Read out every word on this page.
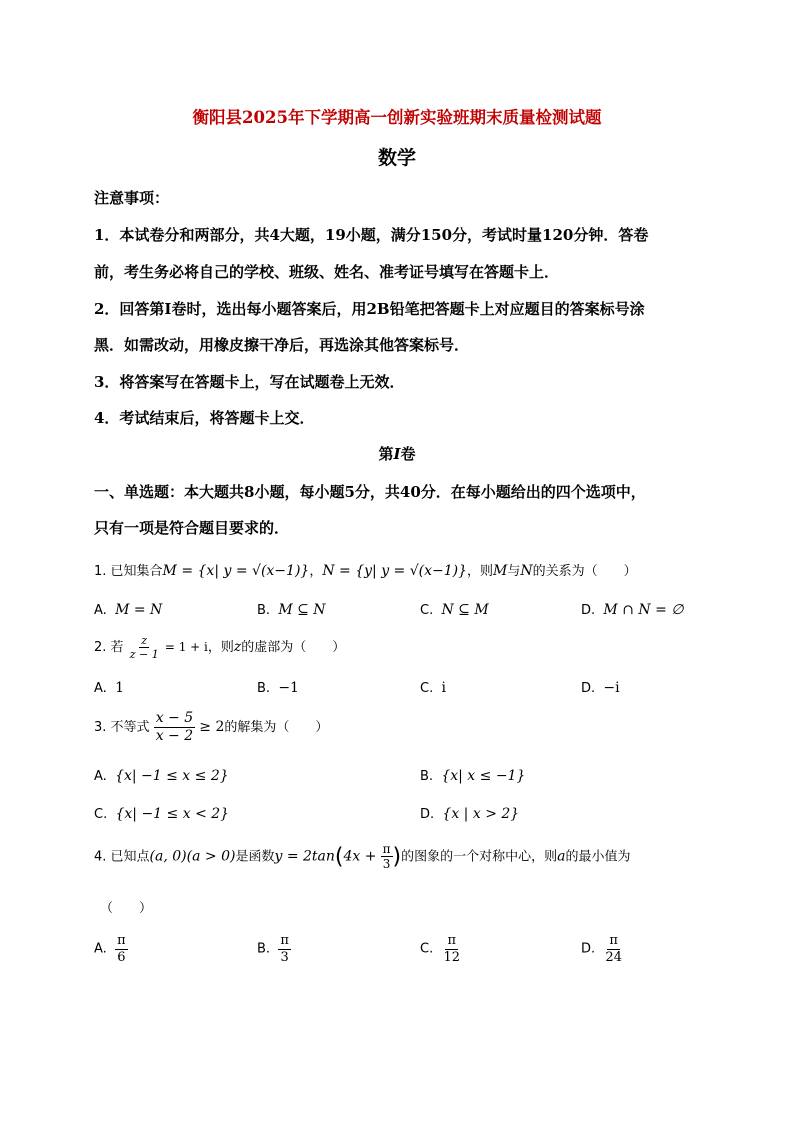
衡阳县2025年下学期高一创新实验班期末质量检测试题
数学
注意事项：
1．本试卷分和两部分，共4大题，19小题，满分150分，考试时量120分钟．答卷
前，考生务必将自己的学校、班级、姓名、准考证号填写在答题卡上．
2．回答第Ⅰ卷时，选出每小题答案后，用2B铅笔把答题卡上对应题目的答案标号涂
黑．如需改动，用橡皮擦干净后，再选涂其他答案标号．
3．将答案写在答题卡上，写在试题卷上无效．
4．考试结束后，将答题卡上交．
第I卷
一、单选题：本大题共8小题，每小题5分，共40分．在每小题给出的四个选项中，
只有一项是符合题目要求的．
1. 已知集合M = {x| y = √(x−1)}，N = {y| y = √(x−1)}，则M与N的关系为（　　）
A. M = N	B. M ⊆ N	C. N ⊆ M	D. M ∩ N = ∅
2. 若 $\frac{z}{z - 1} = 1 + i$，则z的虚部为（　　）
A. 1	B. −1	C. i	D. −i
3. 不等式 $\frac{x - 5}{x - 2} \ge 2$的解集为（　　）
A. {x| −1 ≤ x ≤ 2}	B. {x| x ≤ −1}
C. {x| −1 ≤ x < 2}	D. {x | x > 2}
4. 已知点(a, 0)(a > 0)是函数$y = 2\tan(4x + \frac{\pi}{3}$ )的图象的一个对称中心，则a的最小值为
（　　）
A. $\frac{\pi}{6}$	B. $\frac{\pi}{3}$	C. $\frac{\pi}{12}$	D. $\frac{\pi}{24}$
